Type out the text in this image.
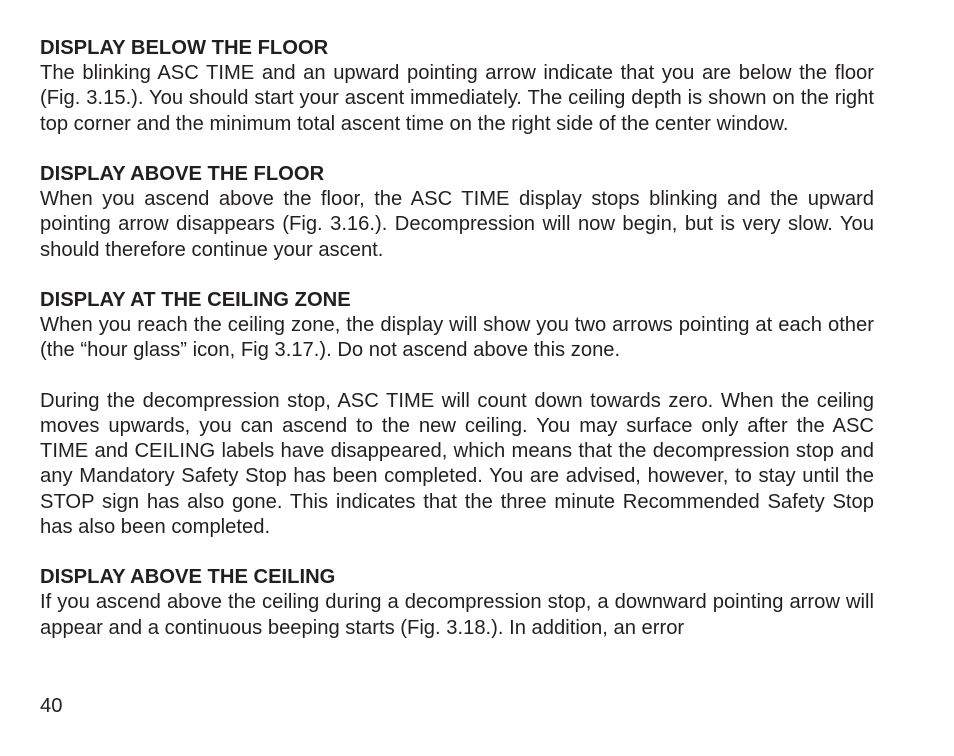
DISPLAY BELOW THE FLOOR

The blinking ASC TIME and an upward pointing arrow indicate that you are below the floor (Fig. 3.15.). You should start your ascent immediately. The ceiling depth is shown on the right top corner and the minimum total ascent time on the right side of the center window.

DISPLAY ABOVE THE FLOOR

When you ascend above the floor, the ASC TIME display stops blinking and the upward pointing arrow disappears (Fig. 3.16.). Decompression will now begin, but is very slow. You should therefore continue your ascent.

DISPLAY AT THE CEILING ZONE

When you reach the ceiling zone, the display will show you two arrows pointing at each other (the “hour glass” icon, Fig 3.17.). Do not ascend above this zone.

During the decompression stop, ASC TIME will count down towards zero. When the ceiling moves upwards, you can ascend to the new ceiling. You may surface only after the ASC TIME and CEILING labels have disappeared, which means that the decompression stop and any Mandatory Safety Stop has been completed. You are advised, however, to stay until the STOP sign has also gone. This indicates that the three minute Recommended Safety Stop has also been completed.

DISPLAY ABOVE THE CEILING

If you ascend above the ceiling during a decompression stop, a downward pointing arrow will appear and a continuous beeping starts (Fig. 3.18.). In addition, an error

40
